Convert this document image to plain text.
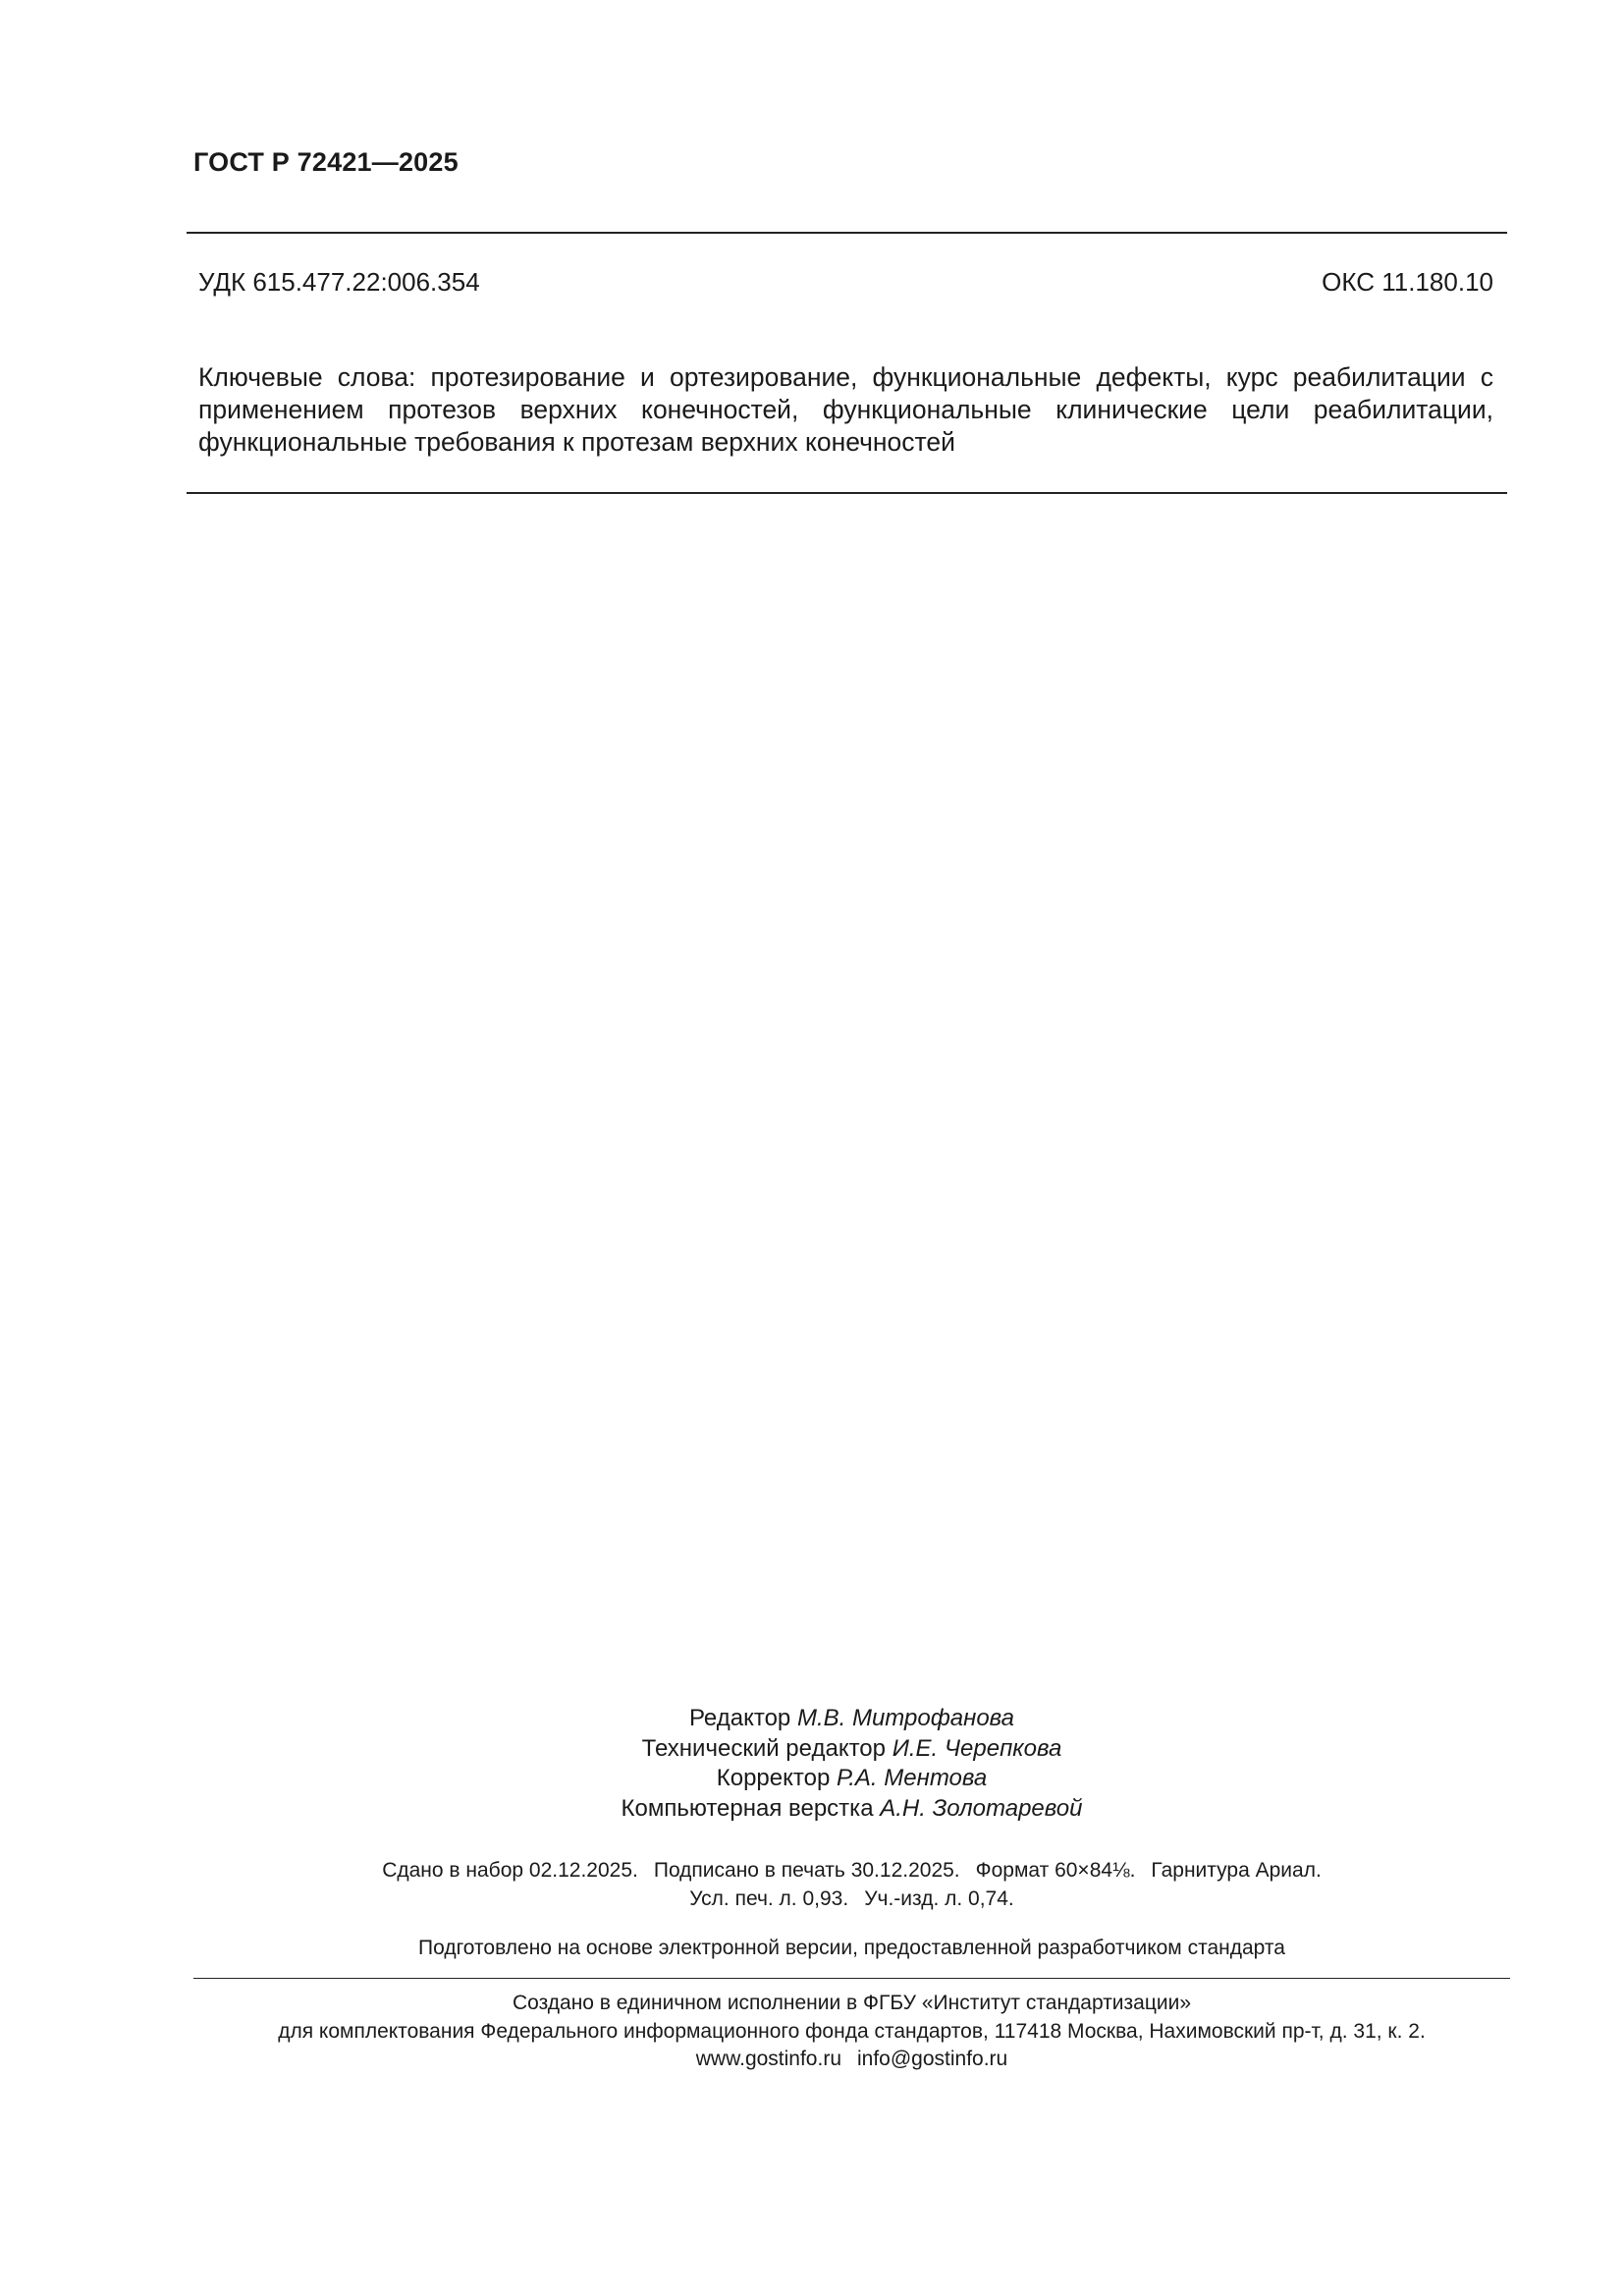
ГОСТ Р 72421—2025
УДК 615.477.22:006.354	ОКС 11.180.10
Ключевые слова: протезирование и ортезирование, функциональные дефекты, курс реабилитации с применением протезов верхних конечностей, функциональные клинические цели реабилитации, функциональные требования к протезам верхних конечностей
Редактор М.В. Митрофанова
Технический редактор И.Е. Черепкова
Корректор Р.А. Ментова
Компьютерная верстка А.Н. Золотаревой
Сдано в набор 02.12.2025. Подписано в печать 30.12.2025. Формат 60×84⅛. Гарнитура Ариал.
Усл. печ. л. 0,93. Уч.-изд. л. 0,74.
Подготовлено на основе электронной версии, предоставленной разработчиком стандарта
Создано в единичном исполнении в ФГБУ «Институт стандартизации»
для комплектования Федерального информационного фонда стандартов, 117418 Москва, Нахимовский пр-т, д. 31, к. 2.
www.gostinfo.ru info@gostinfo.ru
